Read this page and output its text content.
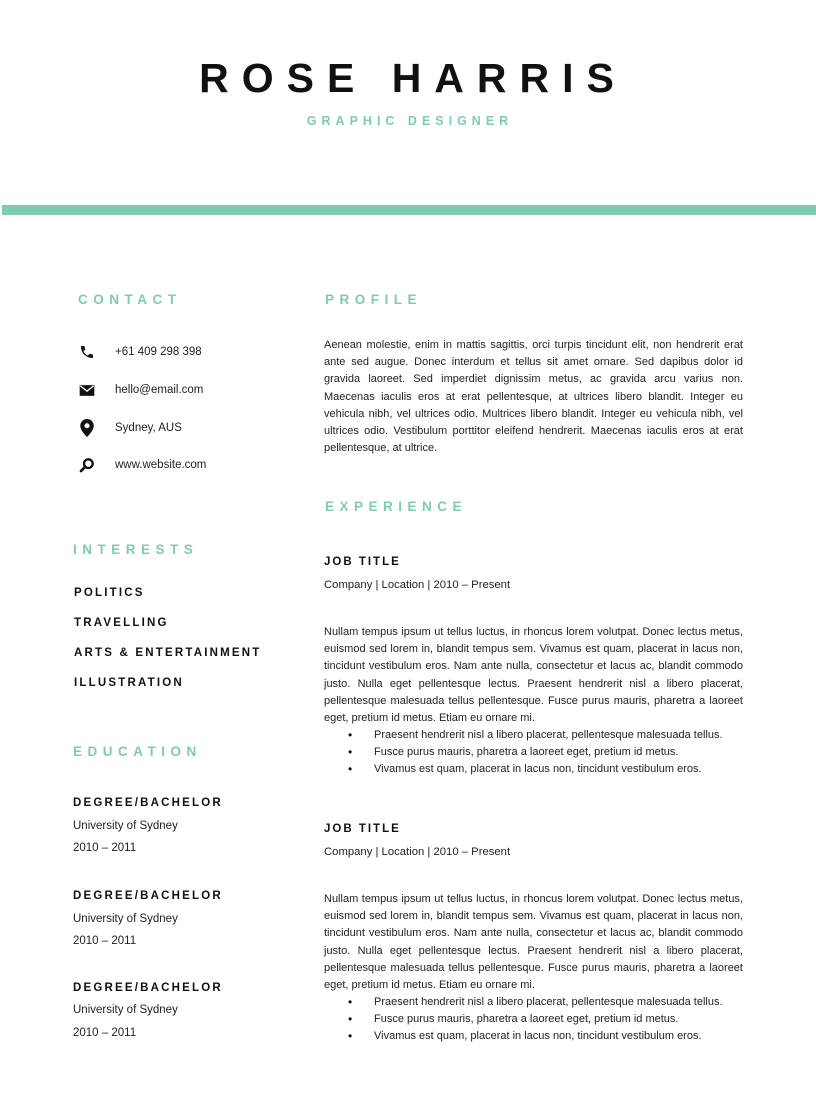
ROSE HARRIS
GRAPHIC DESIGNER
CONTACT
+61 409 298 398
hello@email.com
Sydney, AUS
www.website.com
INTERESTS
POLITICS
TRAVELLING
ARTS & ENTERTAINMENT
ILLUSTRATION
EDUCATION
DEGREE/BACHELOR
University of Sydney
2010 – 2011
DEGREE/BACHELOR
University of Sydney
2010 – 2011
DEGREE/BACHELOR
University of Sydney
2010 – 2011
PROFILE
Aenean molestie, enim in mattis sagittis, orci turpis tincidunt elit, non hendrerit erat ante sed augue. Donec interdum et tellus sit amet ornare. Sed dapibus dolor id gravida laoreet. Sed imperdiet dignissim metus, ac gravida arcu varius non. Maecenas iaculis eros at erat pellentesque, at ultrices libero blandit. Integer eu vehicula nibh, vel ultrices odio. Multrices libero blandit. Integer eu vehicula nibh, vel ultrices odio. Vestibulum porttitor eleifend hendrerit. Maecenas iaculis eros at erat pellentesque, at ultrice.
EXPERIENCE
JOB TITLE
Company | Location | 2010 – Present
Nullam tempus ipsum ut tellus luctus, in rhoncus lorem volutpat. Donec lectus metus, euismod sed lorem in, blandit tempus sem. Vivamus est quam, placerat in lacus non, tincidunt vestibulum eros. Nam ante nulla, consectetur et lacus ac, blandit commodo justo. Nulla eget pellentesque lectus. Praesent hendrerit nisl a libero placerat, pellentesque malesuada tellus pellentesque. Fusce purus mauris, pharetra a laoreet eget, pretium id metus. Etiam eu ornare mi.
• Praesent hendrerit nisl a libero placerat, pellentesque malesuada tellus.
• Fusce purus mauris, pharetra a laoreet eget, pretium id metus.
• Vivamus est quam, placerat in lacus non, tincidunt vestibulum eros.
JOB TITLE
Company | Location | 2010 – Present
Nullam tempus ipsum ut tellus luctus, in rhoncus lorem volutpat. Donec lectus metus, euismod sed lorem in, blandit tempus sem. Vivamus est quam, placerat in lacus non, tincidunt vestibulum eros. Nam ante nulla, consectetur et lacus ac, blandit commodo justo. Nulla eget pellentesque lectus. Praesent hendrerit nisl a libero placerat, pellentesque malesuada tellus pellentesque. Fusce purus mauris, pharetra a laoreet eget, pretium id metus. Etiam eu ornare mi.
• Praesent hendrerit nisl a libero placerat, pellentesque malesuada tellus.
• Fusce purus mauris, pharetra a laoreet eget, pretium id metus.
• Vivamus est quam, placerat in lacus non, tincidunt vestibulum eros.
